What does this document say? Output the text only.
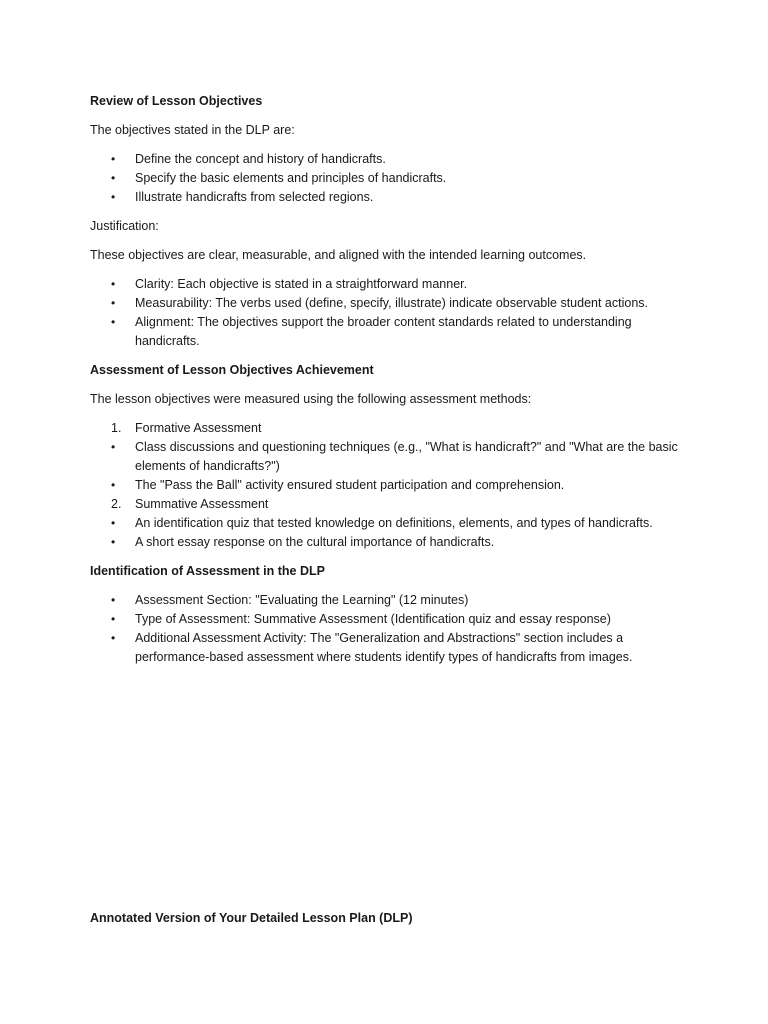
Review of Lesson Objectives

The objectives stated in the DLP are:

•	Define the concept and history of handicrafts.
•	Specify the basic elements and principles of handicrafts.
•	Illustrate handicrafts from selected regions.

Justification:

These objectives are clear, measurable, and aligned with the intended learning outcomes.

•	Clarity: Each objective is stated in a straightforward manner.
•	Measurability: The verbs used (define, specify, illustrate) indicate observable student actions.
•	Alignment: The objectives support the broader content standards related to understanding handicrafts.

Assessment of Lesson Objectives Achievement

The lesson objectives were measured using the following assessment methods:

1.	Formative Assessment
•	Class discussions and questioning techniques (e.g., "What is handicraft?" and "What are the basic elements of handicrafts?")
•	The "Pass the Ball" activity ensured student participation and comprehension.
2.	Summative Assessment
•	An identification quiz that tested knowledge on definitions, elements, and types of handicrafts.
•	A short essay response on the cultural importance of handicrafts.

Identification of Assessment in the DLP

•	Assessment Section: "Evaluating the Learning" (12 minutes)
•	Type of Assessment: Summative Assessment (Identification quiz and essay response)
•	Additional Assessment Activity: The "Generalization and Abstractions" section includes a performance-based assessment where students identify types of handicrafts from images.

Annotated Version of Your Detailed Lesson Plan (DLP)
